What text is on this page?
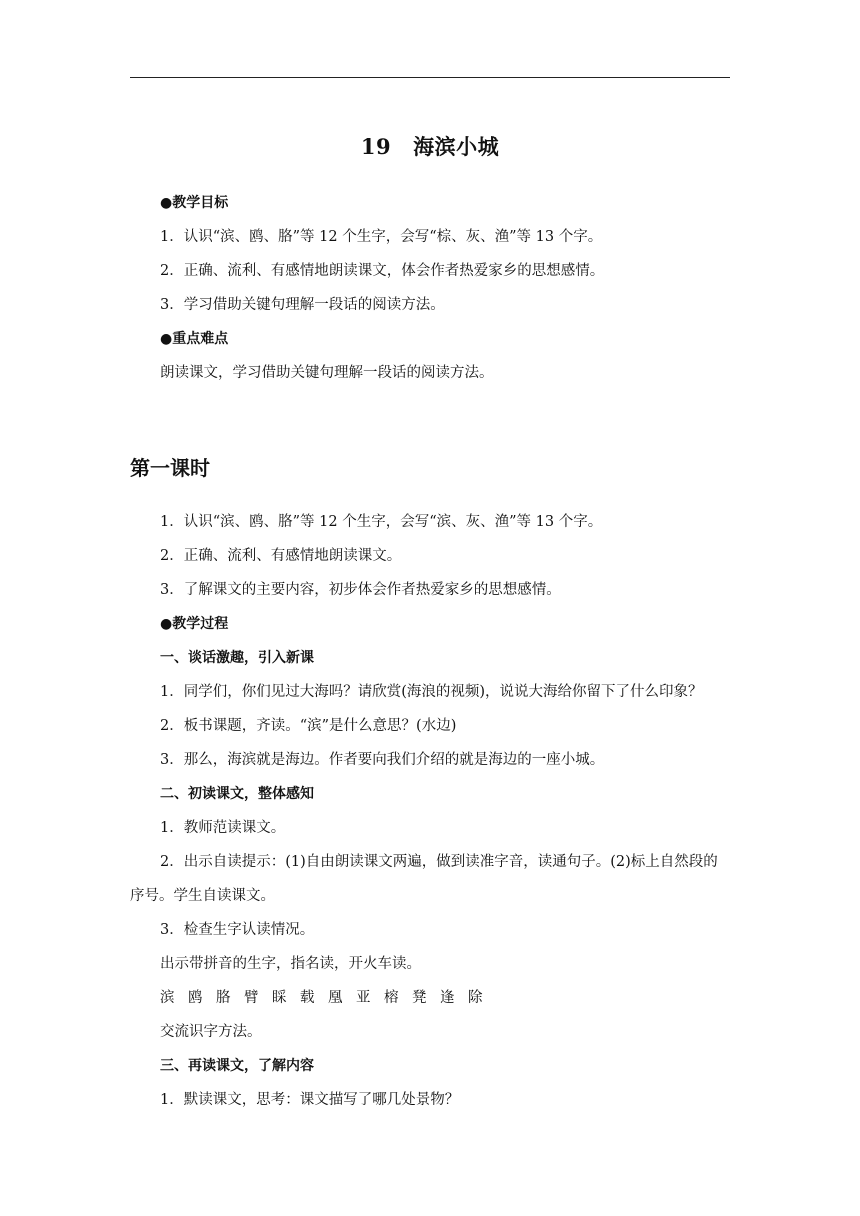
19 海滨小城
●教学目标
1．认识“滨、鸥、胳”等 12 个生字，会写“棕、灰、渔”等 13 个字。
2．正确、流利、有感情地朗读课文，体会作者热爱家乡的思想感情。
3．学习借助关键句理解一段话的阅读方法。
●重点难点
朗读课文，学习借助关键句理解一段话的阅读方法。
第一课时
1．认识“滨、鸥、胳”等 12 个生字，会写“滨、灰、渔”等 13 个字。
2．正确、流利、有感情地朗读课文。
3．了解课文的主要内容，初步体会作者热爱家乡的思想感情。
●教学过程
一、谈话激趣，引入新课
1．同学们，你们见过大海吗？请欣赏(海浪的视频)，说说大海给你留下了什么印象？
2．板书课题，齐读。“滨”是什么意思？(水边)
3．那么，海滨就是海边。作者要向我们介绍的就是海边的一座小城。
二、初读课文，整体感知
1．教师范读课文。
2．出示自读提示：(1)自由朗读课文两遍，做到读准字音，读通句子。(2)标上自然段的序号。学生自读课文。
3．检查生字认读情况。
出示带拼音的生字，指名读，开火车读。
滨 鸥 胳 臂 睬 载 凰 亚 榕 凳 逢 除
交流识字方法。
三、再读课文，了解内容
1．默读课文，思考：课文描写了哪几处景物？
